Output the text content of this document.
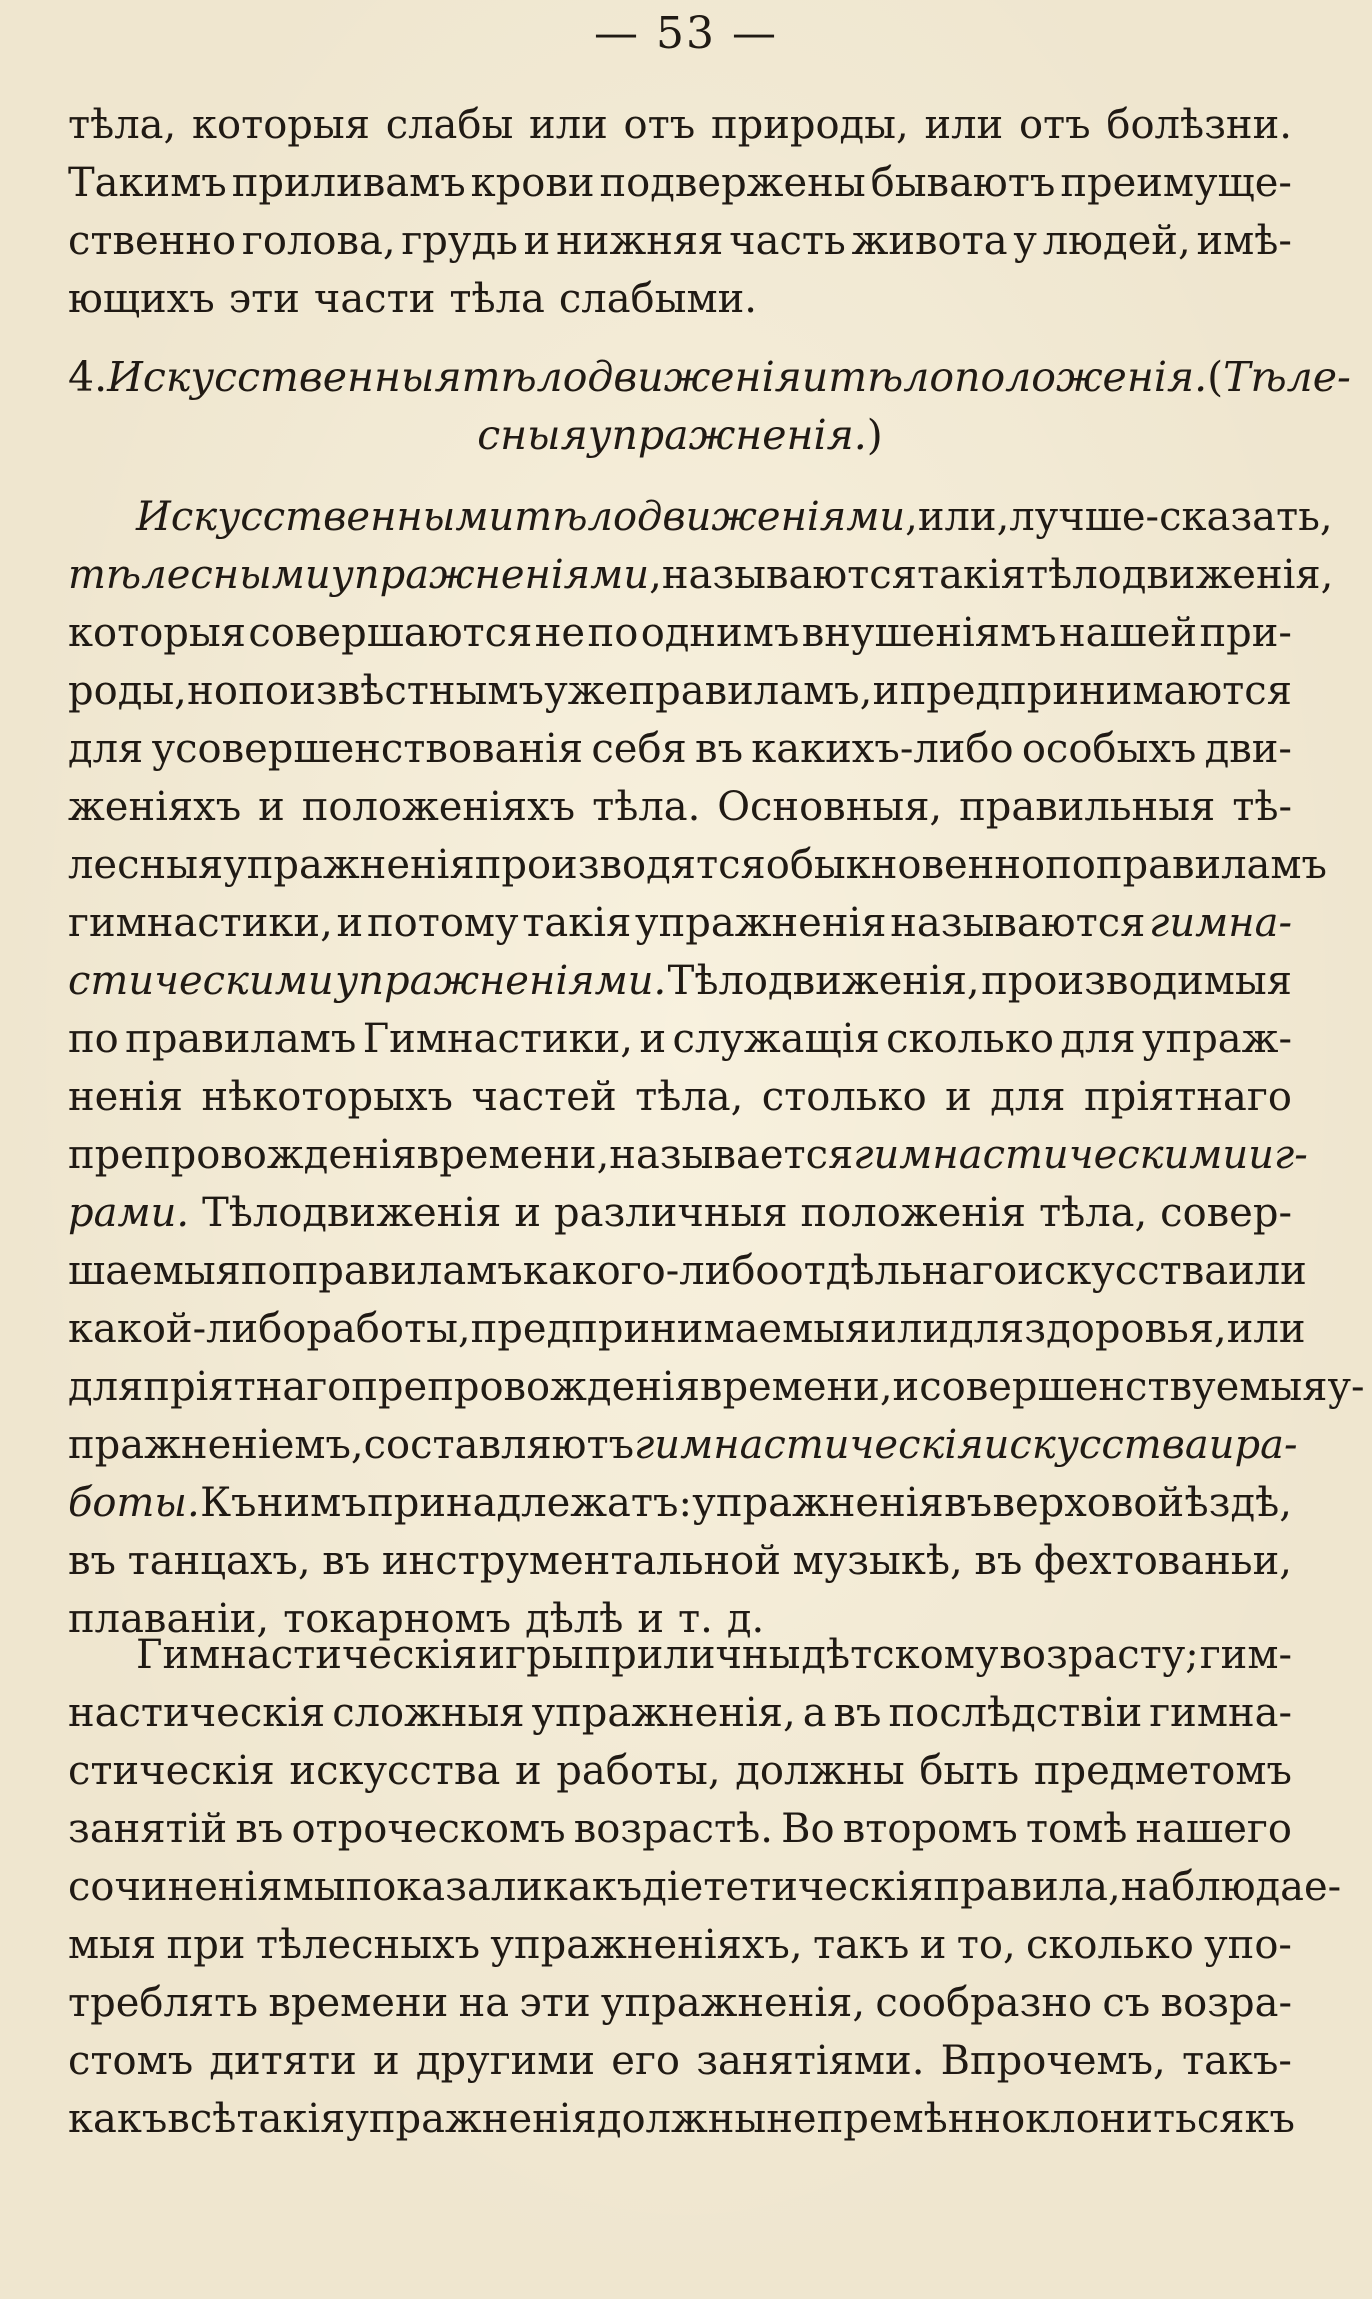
— 53 —
тѣла, которыя слабы или отъ природы, или отъ болѣзни.
Такимъ приливамъ крови подвержены бываютъ преимуще-
ственно голова, грудь и нижняя часть живота у людей, имѣ-
ющихъ эти части тѣла слабыми.
4. Искусственныя тѣлодвиженія и тѣлоположенія. ( Тѣле-
сныя упражненія. )
Искусственными тѣлодвиженіями , или, лучше-сказать,
тѣлесными упражненіями , называются такія тѣлодвиженія,
которыя совершаются не по однимъ внушеніямъ нашей при-
роды, но по извѣстнымъ уже правиламъ, и предпринимаются
для усовершенствованія себя въ какихъ-либо особыхъ дви-
женіяхъ и положеніяхъ тѣла. Основныя, правильныя тѣ-
лесныя упражненія производятся обыкновенно по правиламъ
гимнастики, и потому такія упражненія называются гимна-
стическими упражненіями. Тѣлодвиженія, производимыя
по правиламъ Гимнастики, и служащія сколько для упраж-
ненія нѣкоторыхъ частей тѣла, столько и для пріятнаго
препровожденія времени, называется гимнастическими иг-
рами. Тѣлодвиженія и различныя положенія тѣла, совер-
шаемыя по правиламъ какого-либо отдѣльнаго искусства или
какой-либо работы, предпринимаемыя или для здоровья, или
для пріятнаго препровожденія времени, и совершенствуемыя у-
пражненіемъ, составляютъ гимнастическія искусства и ра-
боты. Къ нимъ принадлежатъ: упражненія въ верховой ѣздѣ,
въ танцахъ, въ инструментальной музыкѣ, въ фехтованьи,
плаваніи, токарномъ дѣлѣ и т. д.
Гимнастическія игры приличны дѣтскому возрасту; гим-
настическія сложныя упражненія, а въ послѣдствіи гимна-
стическія искусства и работы, должны быть предметомъ
занятій въ отроческомъ возрастѣ. Во второмъ томѣ нашего
сочиненія мы показали какъ діететическія правила, наблюдае-
мыя при тѣлесныхъ упражненіяхъ, такъ и то, сколько упо-
треблять времени на эти упражненія, сообразно съ возра-
стомъ дитяти и другими его занятіями. Впрочемъ, такъ-
какъ всѣ такія упражненія должны непремѣнно клониться къ
